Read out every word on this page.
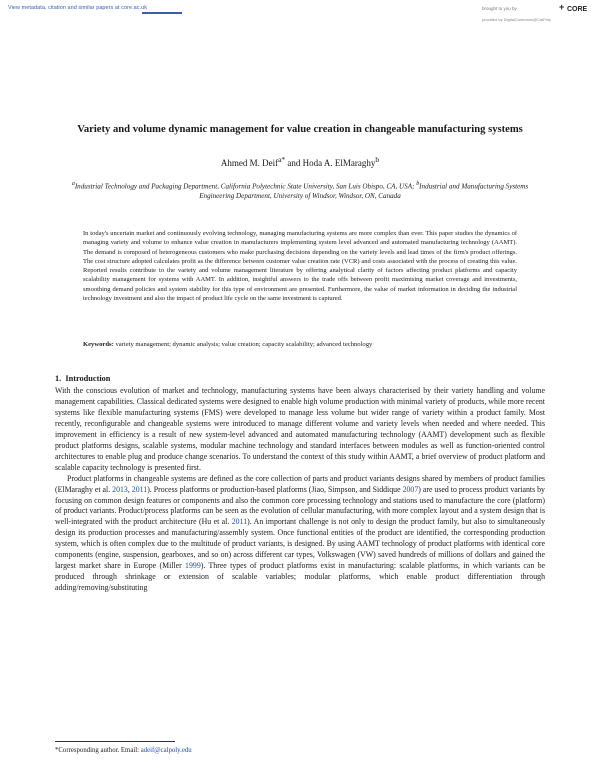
View metadata, citation and similar papers at core.ac.uk	brought to you by
provided by DigitalCommons@CalPoly
+ CORE
Variety and volume dynamic management for value creation in changeable manufacturing systems
Ahmed M. Deif$^{a*}$ and Hoda A. ElMaraghy$^b$
$^a$Industrial Technology and Packaging Department, California Polytechnic State University, San Luis Obispo, CA, USA; $^b$Industrial and Manufacturing Systems Engineering Department, University of Windsor, Windsor, ON, Canada

In today's uncertain market and continuously evolving technology, managing manufacturing systems are more complex than ever. This paper studies the dynamics of managing variety and volume to enhance value creation in manufacturers implementing system level advanced and automated manufacturing technology (AAMT). The demand is composed of heterogeneous customers who make purchasing decisions depending on the variety levels and lead times of the firm's product offerings. The cost structure adopted calculates profit as the difference between customer value creation rate (VCR) and costs associated with the process of creating this value. Reported results contribute to the variety and volume management literature by offering analytical clarity of factors affecting product platforms and capacity scalability management for systems with AAMT. In addition, insightful answers to the trade offs between profit maximising market coverage and investments, smoothing demand policies and system stability for this type of environment are presented. Furthermore, the value of market information in deciding the industrial technology investment and also the impact of product life cycle on the same investment is captured.

Keywords: variety management; dynamic analysis; value creation; capacity scalability; advanced technology

1. Introduction

With the conscious evolution of market and technology, manufacturing systems have been always characterised by their variety handling and volume management capabilities. Classical dedicated systems were designed to enable high volume production with minimal variety of products, while more recent systems like flexible manufacturing systems (FMS) were developed to manage less volume but wider range of variety within a product family. Most recently, reconfigurable and changeable systems were introduced to manage different volume and variety levels when needed and where needed. This improvement in efficiency is a result of new system-level advanced and automated manufacturing technology (AAMT) development such as flexible product platforms designs, scalable systems, modular machine technology and standard interfaces between modules as well as function-oriented control architectures to enable plug and produce change scenarios. To understand the context of this study within AAMT, a brief overview of product platform and scalable capacity technology is presented first.

Product platforms in changeable systems are defined as the core collection of parts and product variants designs shared by members of product families (ElMaraghy et al. 2013, 2011). Process platforms or production-based platforms (Jiao, Simpson, and Siddique 2007) are used to process product variants by focusing on common design features or components and also the common core processing technology and stations used to manufacture the core (platform) of product variants. Product/process platforms can be seen as the evolution of cellular manufacturing, with more complex layout and a system design that is well-integrated with the product architecture (Hu et al. 2011). An important challenge is not only to design the product family, but also to simultaneously design its production processes and manufacturing/assembly system. Once functional entities of the product are identified, the corresponding production system, which is often complex due to the multitude of product variants, is designed. By using AAMT technology of product platforms with identical core components (engine, suspension, gearboxes, and so on) across different car types, Volkswagen (VW) saved hundreds of millions of dollars and gained the largest market share in Europe (Miller 1999). Three types of product platforms exist in manufacturing: scalable platforms, in which variants can be produced through shrinkage or extension of scalable variables; modular platforms, which enable product differentiation through adding/removing/substituting

*Corresponding author. Email: adeif@calpoly.edu
